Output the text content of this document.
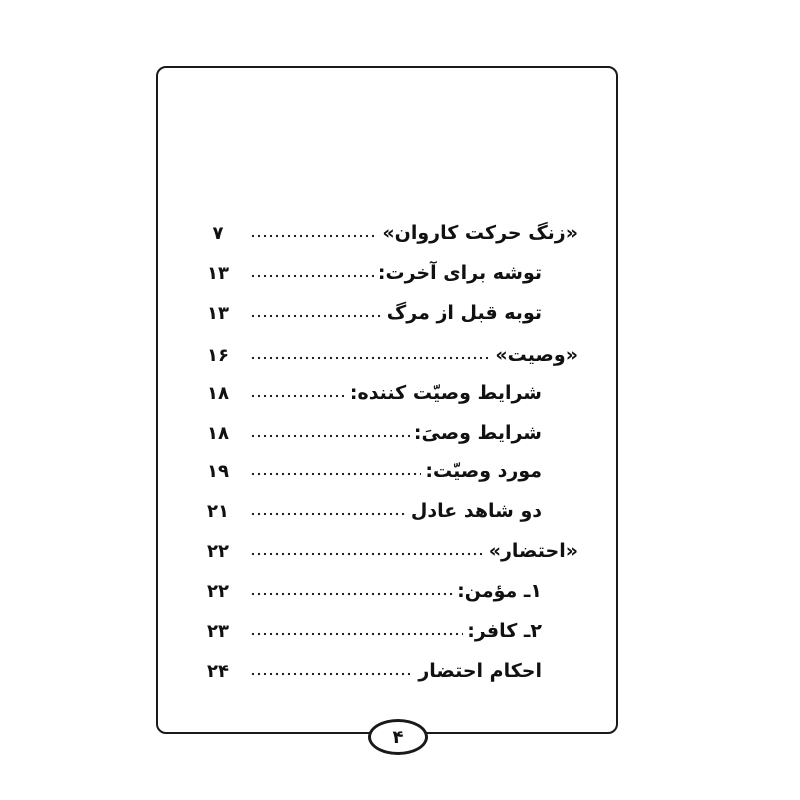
۷	«زنگ حرکت کاروان»
۱۳	توشه برای آخرت:
۱۳	توبه قبل از مرگ
۱۶	«وصیت»
۱۸	شرایط وصیّت کننده:
۱۸	شرایط وصیَ:
۱۹	مورد وصیّت:
۲۱	دو شاهد عادل
۲۲	«احتضار»
۲۲	۱ـ مؤمن:
۲۳	۲ـ کافر:
۲۴	احکام احتضار
۴
